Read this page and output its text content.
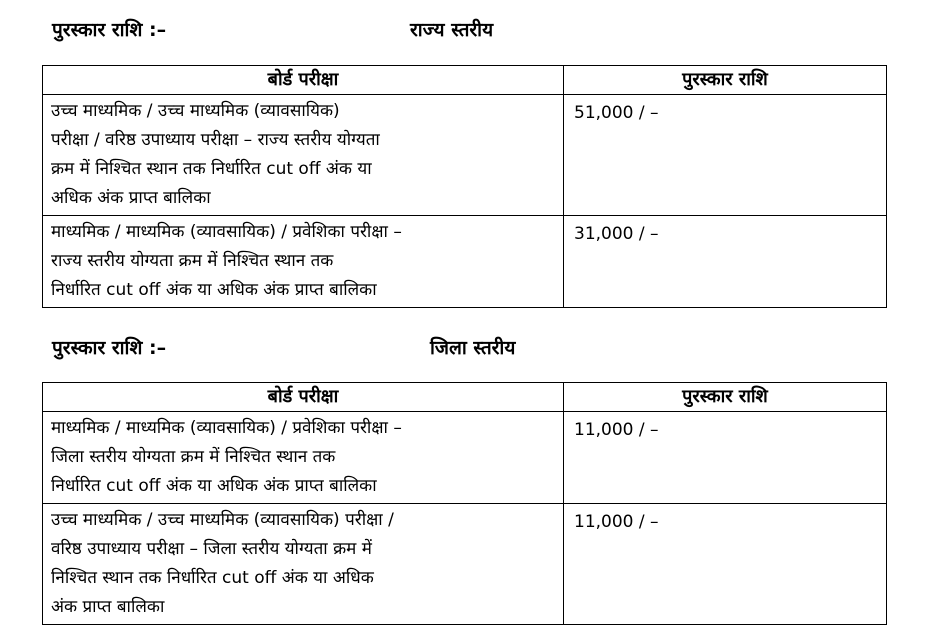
पुरस्कार राशि :–	राज्य स्तरीय
बोर्ड परीक्षा	पुरस्कार राशि

उच्च माध्यमिक / उच्च माध्यमिक (व्यावसायिक)
परीक्षा / वरिष्ठ उपाध्याय परीक्षा – राज्य स्तरीय योग्यता
क्रम में निश्चित स्थान तक निर्धारित cut off अंक या
अधिक अंक प्राप्त बालिका	51,000 / –

माध्यमिक / माध्यमिक (व्यावसायिक) / प्रवेशिका परीक्षा –
राज्य स्तरीय योग्यता क्रम में निश्चित स्थान तक
निर्धारित cut off अंक या अधिक अंक प्राप्त बालिका	31,000 / –
पुरस्कार राशि :–	जिला स्तरीय
बोर्ड परीक्षा	पुरस्कार राशि

माध्यमिक / माध्यमिक (व्यावसायिक) / प्रवेशिका परीक्षा –
जिला स्तरीय योग्यता क्रम में निश्चित स्थान तक
निर्धारित cut off अंक या अधिक अंक प्राप्त बालिका	11,000 / –

उच्च माध्यमिक / उच्च माध्यमिक (व्यावसायिक) परीक्षा /
वरिष्ठ उपाध्याय परीक्षा – जिला स्तरीय योग्यता क्रम में
निश्चित स्थान तक निर्धारित cut off अंक या अधिक
अंक प्राप्त बालिका	11,000 / –
